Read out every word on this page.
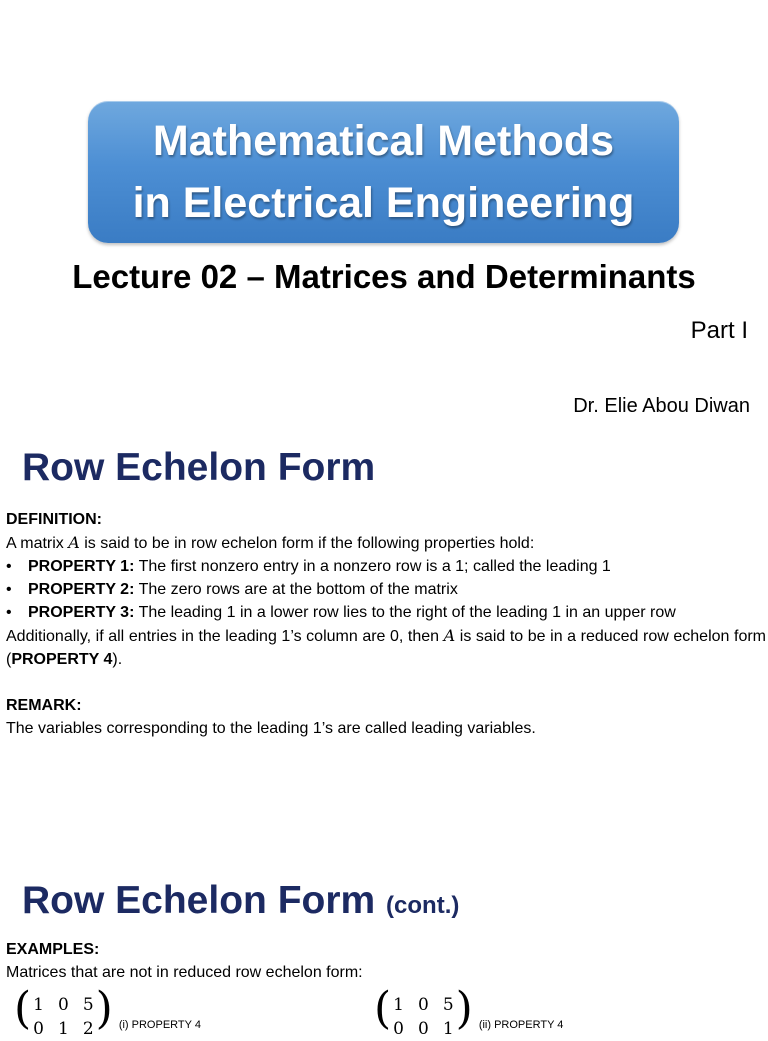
Mathematical Methods
in Electrical Engineering
Lecture 02 – Matrices and Determinants
Part I
Dr. Elie Abou Diwan
Row Echelon Form

DEFINITION:

A matrix A is said to be in row echelon form if the following properties hold:

• PROPERTY 1: The first nonzero entry in a nonzero row is a 1; called the leading 1

• PROPERTY 2: The zero rows are at the bottom of the matrix

• PROPERTY 3: The leading 1 in a lower row lies to the right of the leading 1 in an upper row

Additionally, if all entries in the leading 1’s column are 0, then A is said to be in a reduced row echelon form (PROPERTY 4).

REMARK:

The variables corresponding to the leading 1’s are called leading variables.

Row Echelon Form (cont.)

EXAMPLES:

Matrices that are not in reduced row echelon form:

( 1 0 5
0 1 2 ) (i) PROPERTY 4	( 1 0 5
0 0 1 ) (ii) PROPERTY 4
